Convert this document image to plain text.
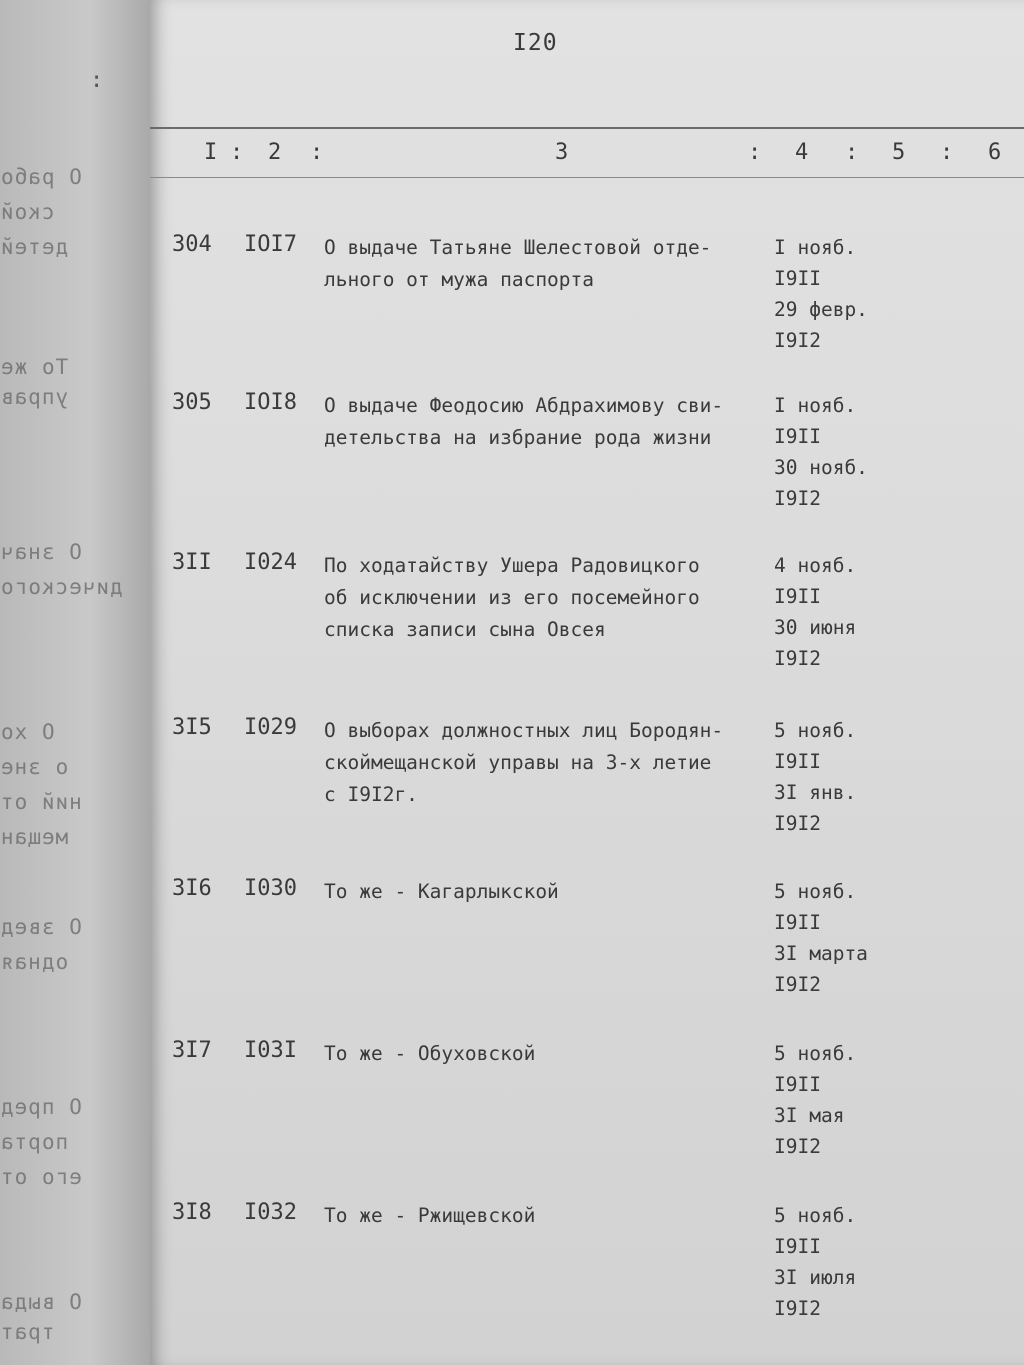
:
О рабо
ской
детей
То же
управ
О знач
дического
О хо
о зне
ний от
мещан
О звед
одная
О пред
порта
его от
О выда
трат
I20
I : 2 :	3	: 4 : 5 : 6
304 IOI7 О выдаче Татьяне Шелестовой отде-
льного от мужа паспорта

I нояб.
I9II
29 февр.
I9I2
305 IOI8 О выдаче Феодосию Абдрахимову сви-
детельства на избрание рода жизни

I нояб.
I9II
30 нояб.
I9I2
3II I024 По ходатайству Ушера Радовицкого
об исключении из его посемейного
списка записи сына Овсея

4 нояб.
I9II
30 июня
I9I2
3I5 I029 О выборах должностных лиц Бородян-
скоймещанской управы на 3-х летие
с I9I2г.

5 нояб.
I9II
3I янв.
I9I2
3I6 I030 То же - Кагарлыкской	5 нояб.
I9II
3I марта
I9I2
3I7 I03I То же - Обуховской	5 нояб.
I9II
3I мая
I9I2
3I8 I032 То же - Ржищевской	5 нояб.
I9II
3I июля
I9I2
